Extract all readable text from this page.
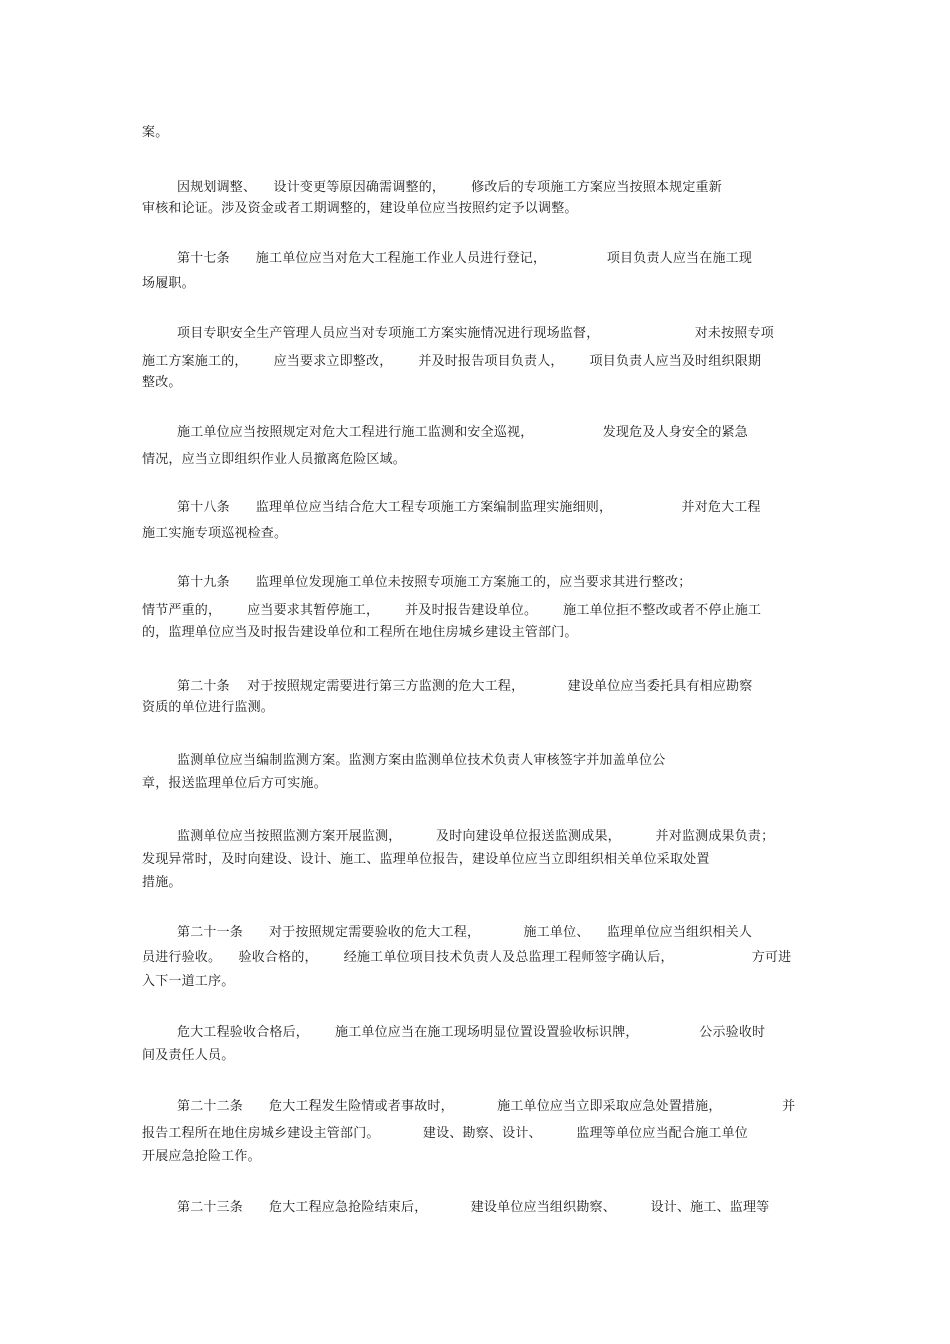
案。
因规划调整、    设计变更等原因确需调整的，      修改后的专项施工方案应当按照本规定重新
审核和论证。涉及资金或者工期调整的，建设单位应当按照约定予以调整。
第十七条      施工单位应当对危大工程施工作业人员进行登记，              项目负责人应当在施工现
场履职。
项目专职安全生产管理人员应当对专项施工方案实施情况进行现场监督，                      对未按照专项
施工方案施工的，      应当要求立即整改，      并及时报告项目负责人，      项目负责人应当及时组织限期
整改。
施工单位应当按照规定对危大工程进行施工监测和安全巡视，                发现危及人身安全的紧急
情况，应当立即组织作业人员撤离危险区域。
第十八条      监理单位应当结合危大工程专项施工方案编制监理实施细则，                并对危大工程
施工实施专项巡视检查。
第十九条      监理单位发现施工单位未按照专项施工方案施工的，应当要求其进行整改；
情节严重的，      应当要求其暂停施工，      并及时报告建设单位。      施工单位拒不整改或者不停止施工
的，监理单位应当及时报告建设单位和工程所在地住房城乡建设主管部门。
第二十条    对于按照规定需要进行第三方监测的危大工程，          建设单位应当委托具有相应勘察
资质的单位进行监测。
监测单位应当编制监测方案。监测方案由监测单位技术负责人审核签字并加盖单位公
章，报送监理单位后方可实施。
监测单位应当按照监测方案开展监测，        及时向建设单位报送监测成果，        并对监测成果负责；
发现异常时，及时向建设、设计、施工、监理单位报告，建设单位应当立即组织相关单位采取处置
措施。
第二十一条      对于按照规定需要验收的危大工程，          施工单位、    监理单位应当组织相关人
员进行验收。    验收合格的，      经施工单位项目技术负责人及总监理工程师签字确认后，                  方可进
入下一道工序。
危大工程验收合格后，      施工单位应当在施工现场明显位置设置验收标识牌，              公示验收时
间及责任人员。
第二十二条      危大工程发生险情或者事故时，          施工单位应当立即采取应急处置措施，              并
报告工程所在地住房城乡建设主管部门。          建设、勘察、设计、        监理等单位应当配合施工单位
开展应急抢险工作。
第二十三条      危大工程应急抢险结束后，          建设单位应当组织勘察、        设计、施工、监理等
